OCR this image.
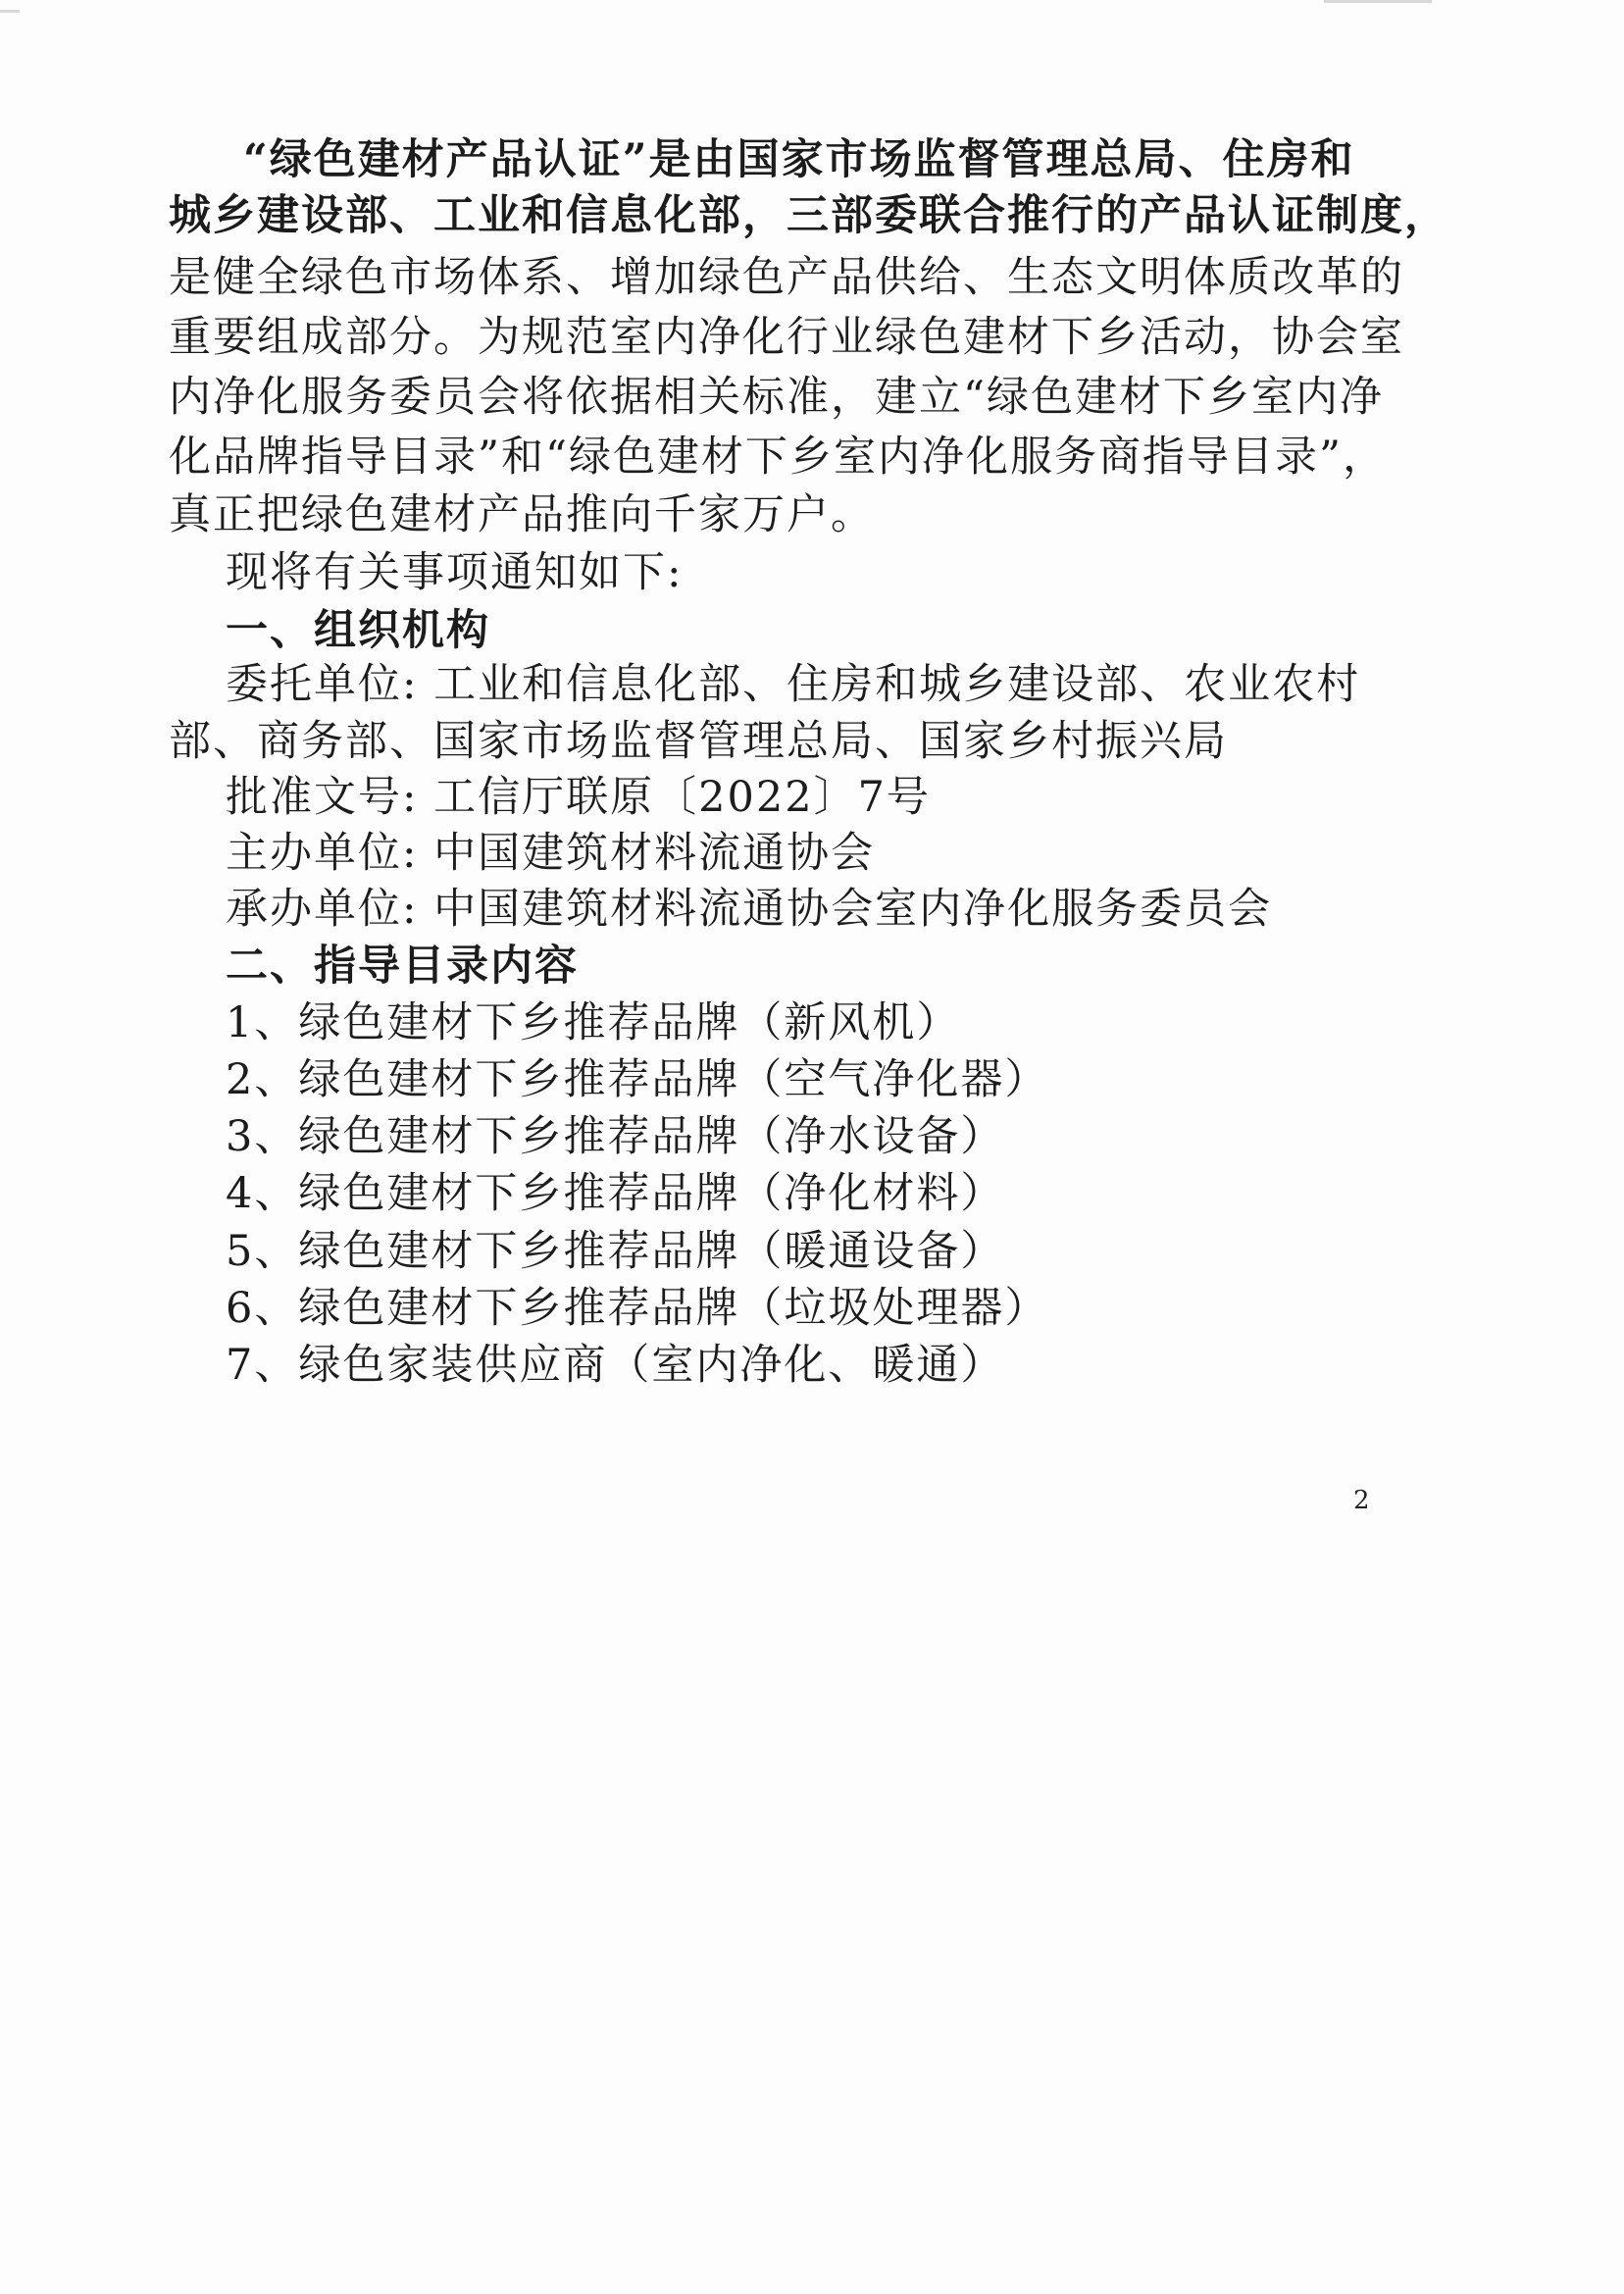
“绿色建材产品认证”是由国家市场监督管理总局、住房和
城乡建设部、工业和信息化部，三部委联合推行的产品认证制度，
是健全绿色市场体系、增加绿色产品供给、生态文明体质改革的
重要组成部分。为规范室内净化行业绿色建材下乡活动，协会室
内净化服务委员会将依据相关标准，建立“绿色建材下乡室内净
化品牌指导目录”和“绿色建材下乡室内净化服务商指导目录”，
真正把绿色建材产品推向千家万户。
现将有关事项通知如下:
一、组织机构
委托单位: 工业和信息化部、住房和城乡建设部、农业农村
部、商务部、国家市场监督管理总局、国家乡村振兴局
批准文号: 工信厅联原〔2022〕7号
主办单位: 中国建筑材料流通协会
承办单位: 中国建筑材料流通协会室内净化服务委员会
二、指导目录内容
1、绿色建材下乡推荐品牌（新风机）
2、绿色建材下乡推荐品牌（空气净化器）
3、绿色建材下乡推荐品牌（净水设备）
4、绿色建材下乡推荐品牌（净化材料）
5、绿色建材下乡推荐品牌（暖通设备）
6、绿色建材下乡推荐品牌（垃圾处理器）
7、绿色家装供应商（室内净化、暖通）
2
